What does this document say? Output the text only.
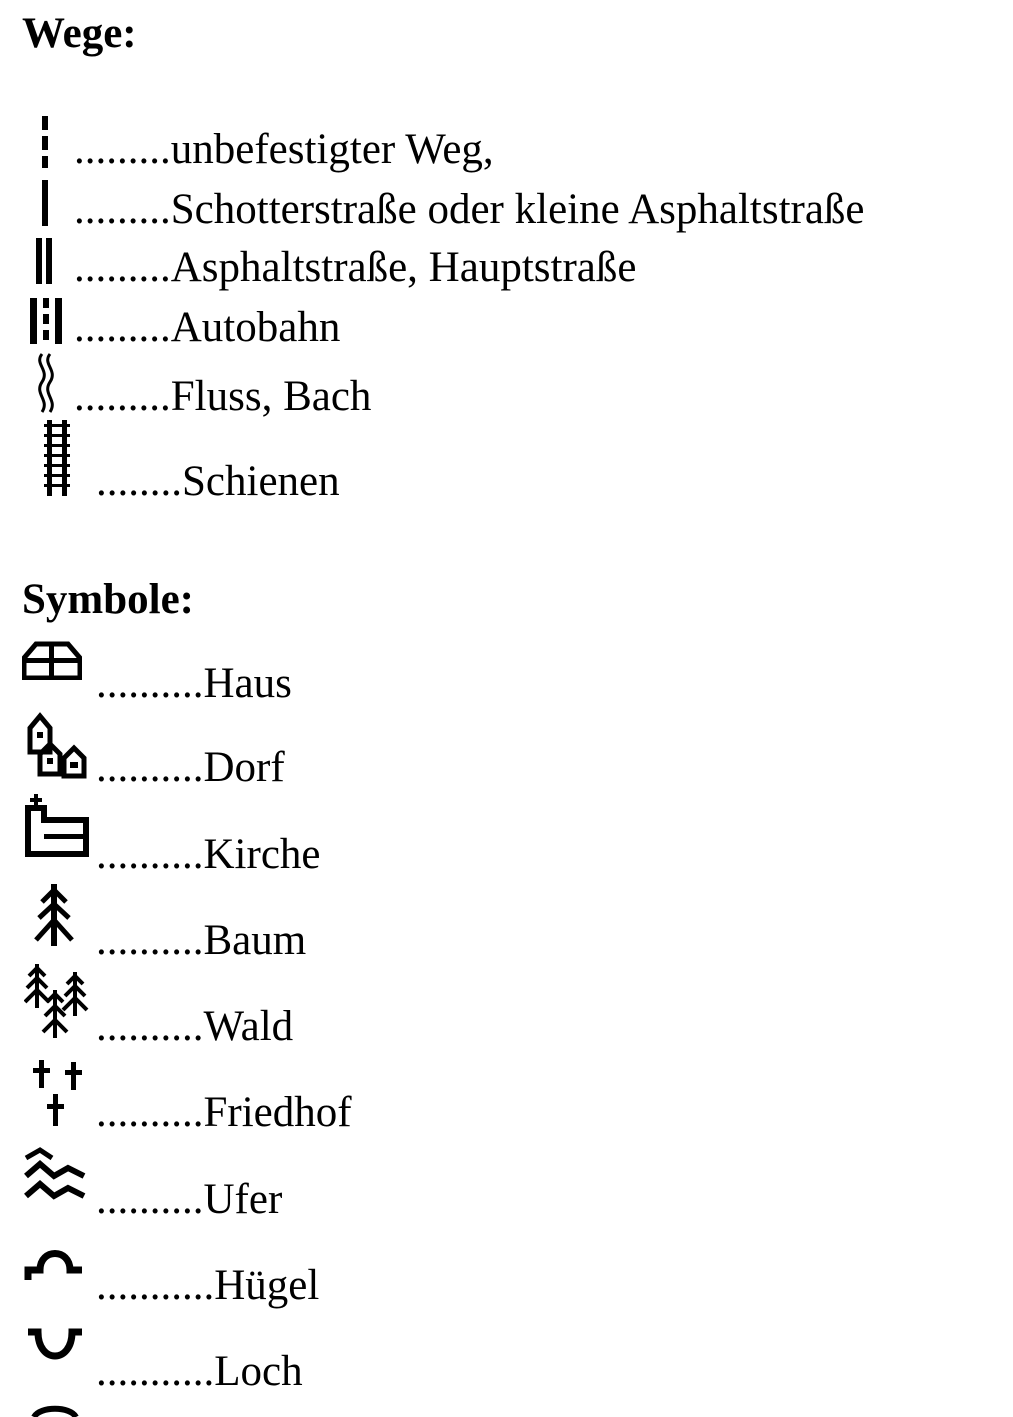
Wege:
.........unbefestigter Weg,
.........Schotterstraße oder kleine Asphaltstraße
.........Asphaltstraße, Hauptstraße
.........Autobahn
.........Fluss, Bach
........Schienen
Symbole:
..........Haus
..........Dorf
..........Kirche
..........Baum
..........Wald
..........Friedhof
..........Ufer
...........Hügel
...........Loch
